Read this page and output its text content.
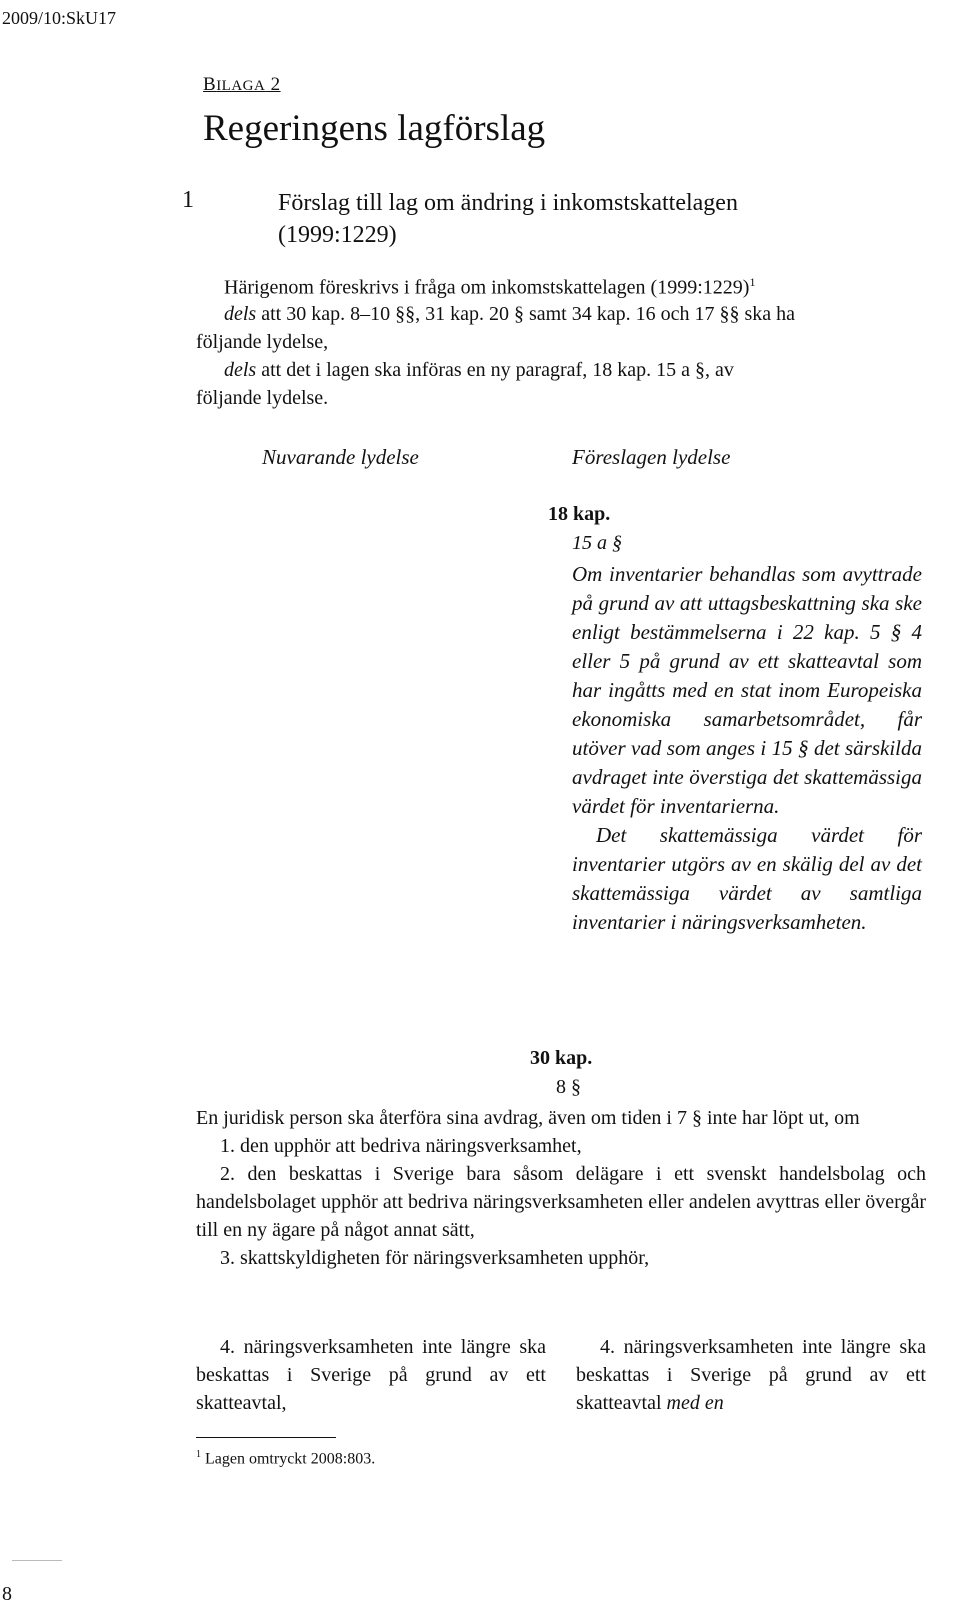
2009/10:SkU17
BILAGA 2
Regeringens lagförslag
1	Förslag till lag om ändring i inkomstskattelagen
(1999:1229)
Härigenom föreskrivs i fråga om inkomstskattelagen (1999:1229)$^1$
dels att 30 kap. 8–10 §§, 31 kap. 20 § samt 34 kap. 16 och 17 §§ ska ha
följande lydelse,
dels att det i lagen ska införas en ny paragraf, 18 kap. 15 a §, av
följande lydelse.
Nuvarande lydelse	Föreslagen lydelse
18 kap.
15 a §

Om inventarier behandlas som avyttrade på grund av att uttagsbeskattning ska ske enligt bestämmelserna i 22 kap. 5 § 4 eller 5 på grund av ett skatteavtal som har ingåtts med en stat inom Europeiska ekonomiska samarbetsområdet, får utöver vad som anges i 15 § det särskilda avdraget inte överstiga det skattemässiga värdet för inventarierna.

Det skattemässiga värdet för inventarier utgörs av en skälig del av det skattemässiga värdet av samtliga inventarier i näringsverksamheten.

30 kap.
8 §

En juridisk person ska återföra sina avdrag, även om tiden i 7 § inte har löpt ut, om

1. den upphör att bedriva näringsverksamhet,

2. den beskattas i Sverige bara såsom delägare i ett svenskt handelsbolag och handelsbolaget upphör att bedriva näringsverksamheten eller andelen avyttras eller övergår till en ny ägare på något annat sätt,

3. skattskyldigheten för näringsverksamheten upphör,

4. näringsverksamheten inte längre ska beskattas i Sverige på grund av ett skatteavtal,

4. näringsverksamheten inte längre ska beskattas i Sverige på grund av ett skatteavtal med en

$^1$ Lagen omtryckt 2008:803.
8
